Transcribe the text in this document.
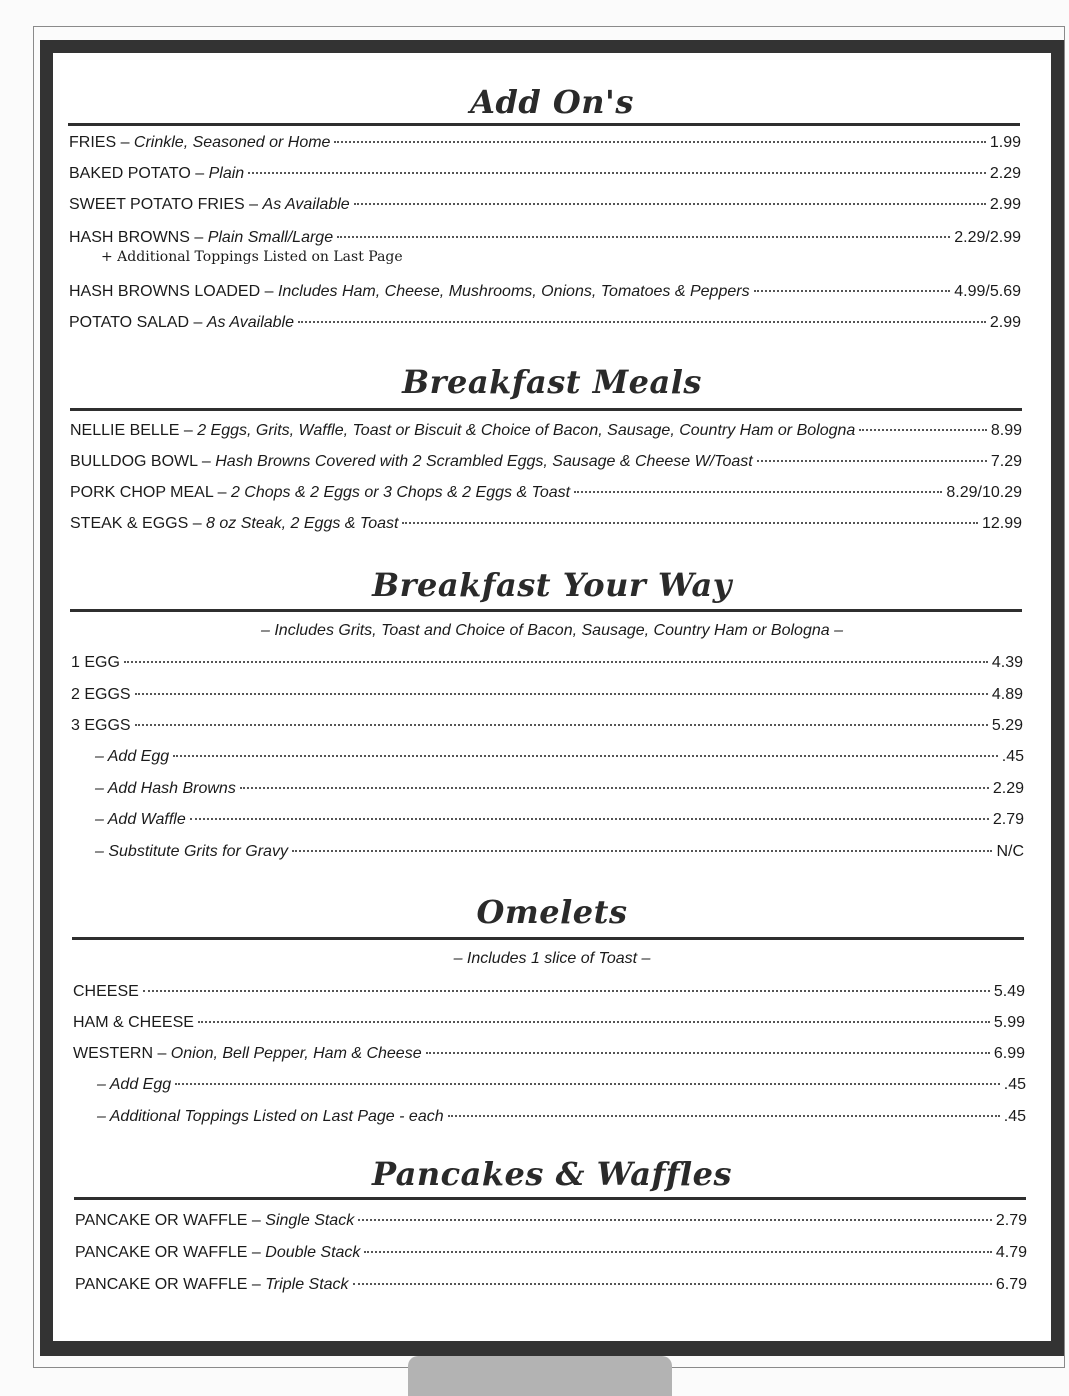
Add On's
FRIES – Crinkle, Seasoned or Home	1.99
BAKED POTATO – Plain	2.29
SWEET POTATO FRIES – As Available	2.99
HASH BROWNS – Plain Small/Large	2.29/2.99
+ Additional Toppings Listed on Last Page
HASH BROWNS LOADED – Includes Ham, Cheese, Mushrooms, Onions, Tomatoes & Peppers	4.99/5.69
POTATO SALAD – As Available	2.99
Breakfast Meals
NELLIE BELLE – 2 Eggs, Grits, Waffle, Toast or Biscuit & Choice of Bacon, Sausage, Country Ham or Bologna	8.99
BULLDOG BOWL – Hash Browns Covered with 2 Scrambled Eggs, Sausage & Cheese W/Toast	7.29
PORK CHOP MEAL – 2 Chops & 2 Eggs or 3 Chops & 2 Eggs & Toast	8.29/10.29
STEAK & EGGS – 8 oz Steak, 2 Eggs & Toast	12.99
Breakfast Your Way
– Includes Grits, Toast and Choice of Bacon, Sausage, Country Ham or Bologna –
1 EGG	4.39
2 EGGS	4.89
3 EGGS	5.29
– Add Egg	.45
– Add Hash Browns	2.29
– Add Waffle	2.79
– Substitute Grits for Gravy	N/C
Omelets
– Includes 1 slice of Toast –
CHEESE	5.49
HAM & CHEESE	5.99
WESTERN – Onion, Bell Pepper, Ham & Cheese	6.99
– Add Egg	.45
– Additional Toppings Listed on Last Page - each	.45
Pancakes & Waffles
PANCAKE OR WAFFLE – Single Stack	2.79
PANCAKE OR WAFFLE – Double Stack	4.79
PANCAKE OR WAFFLE – Triple Stack	6.79
